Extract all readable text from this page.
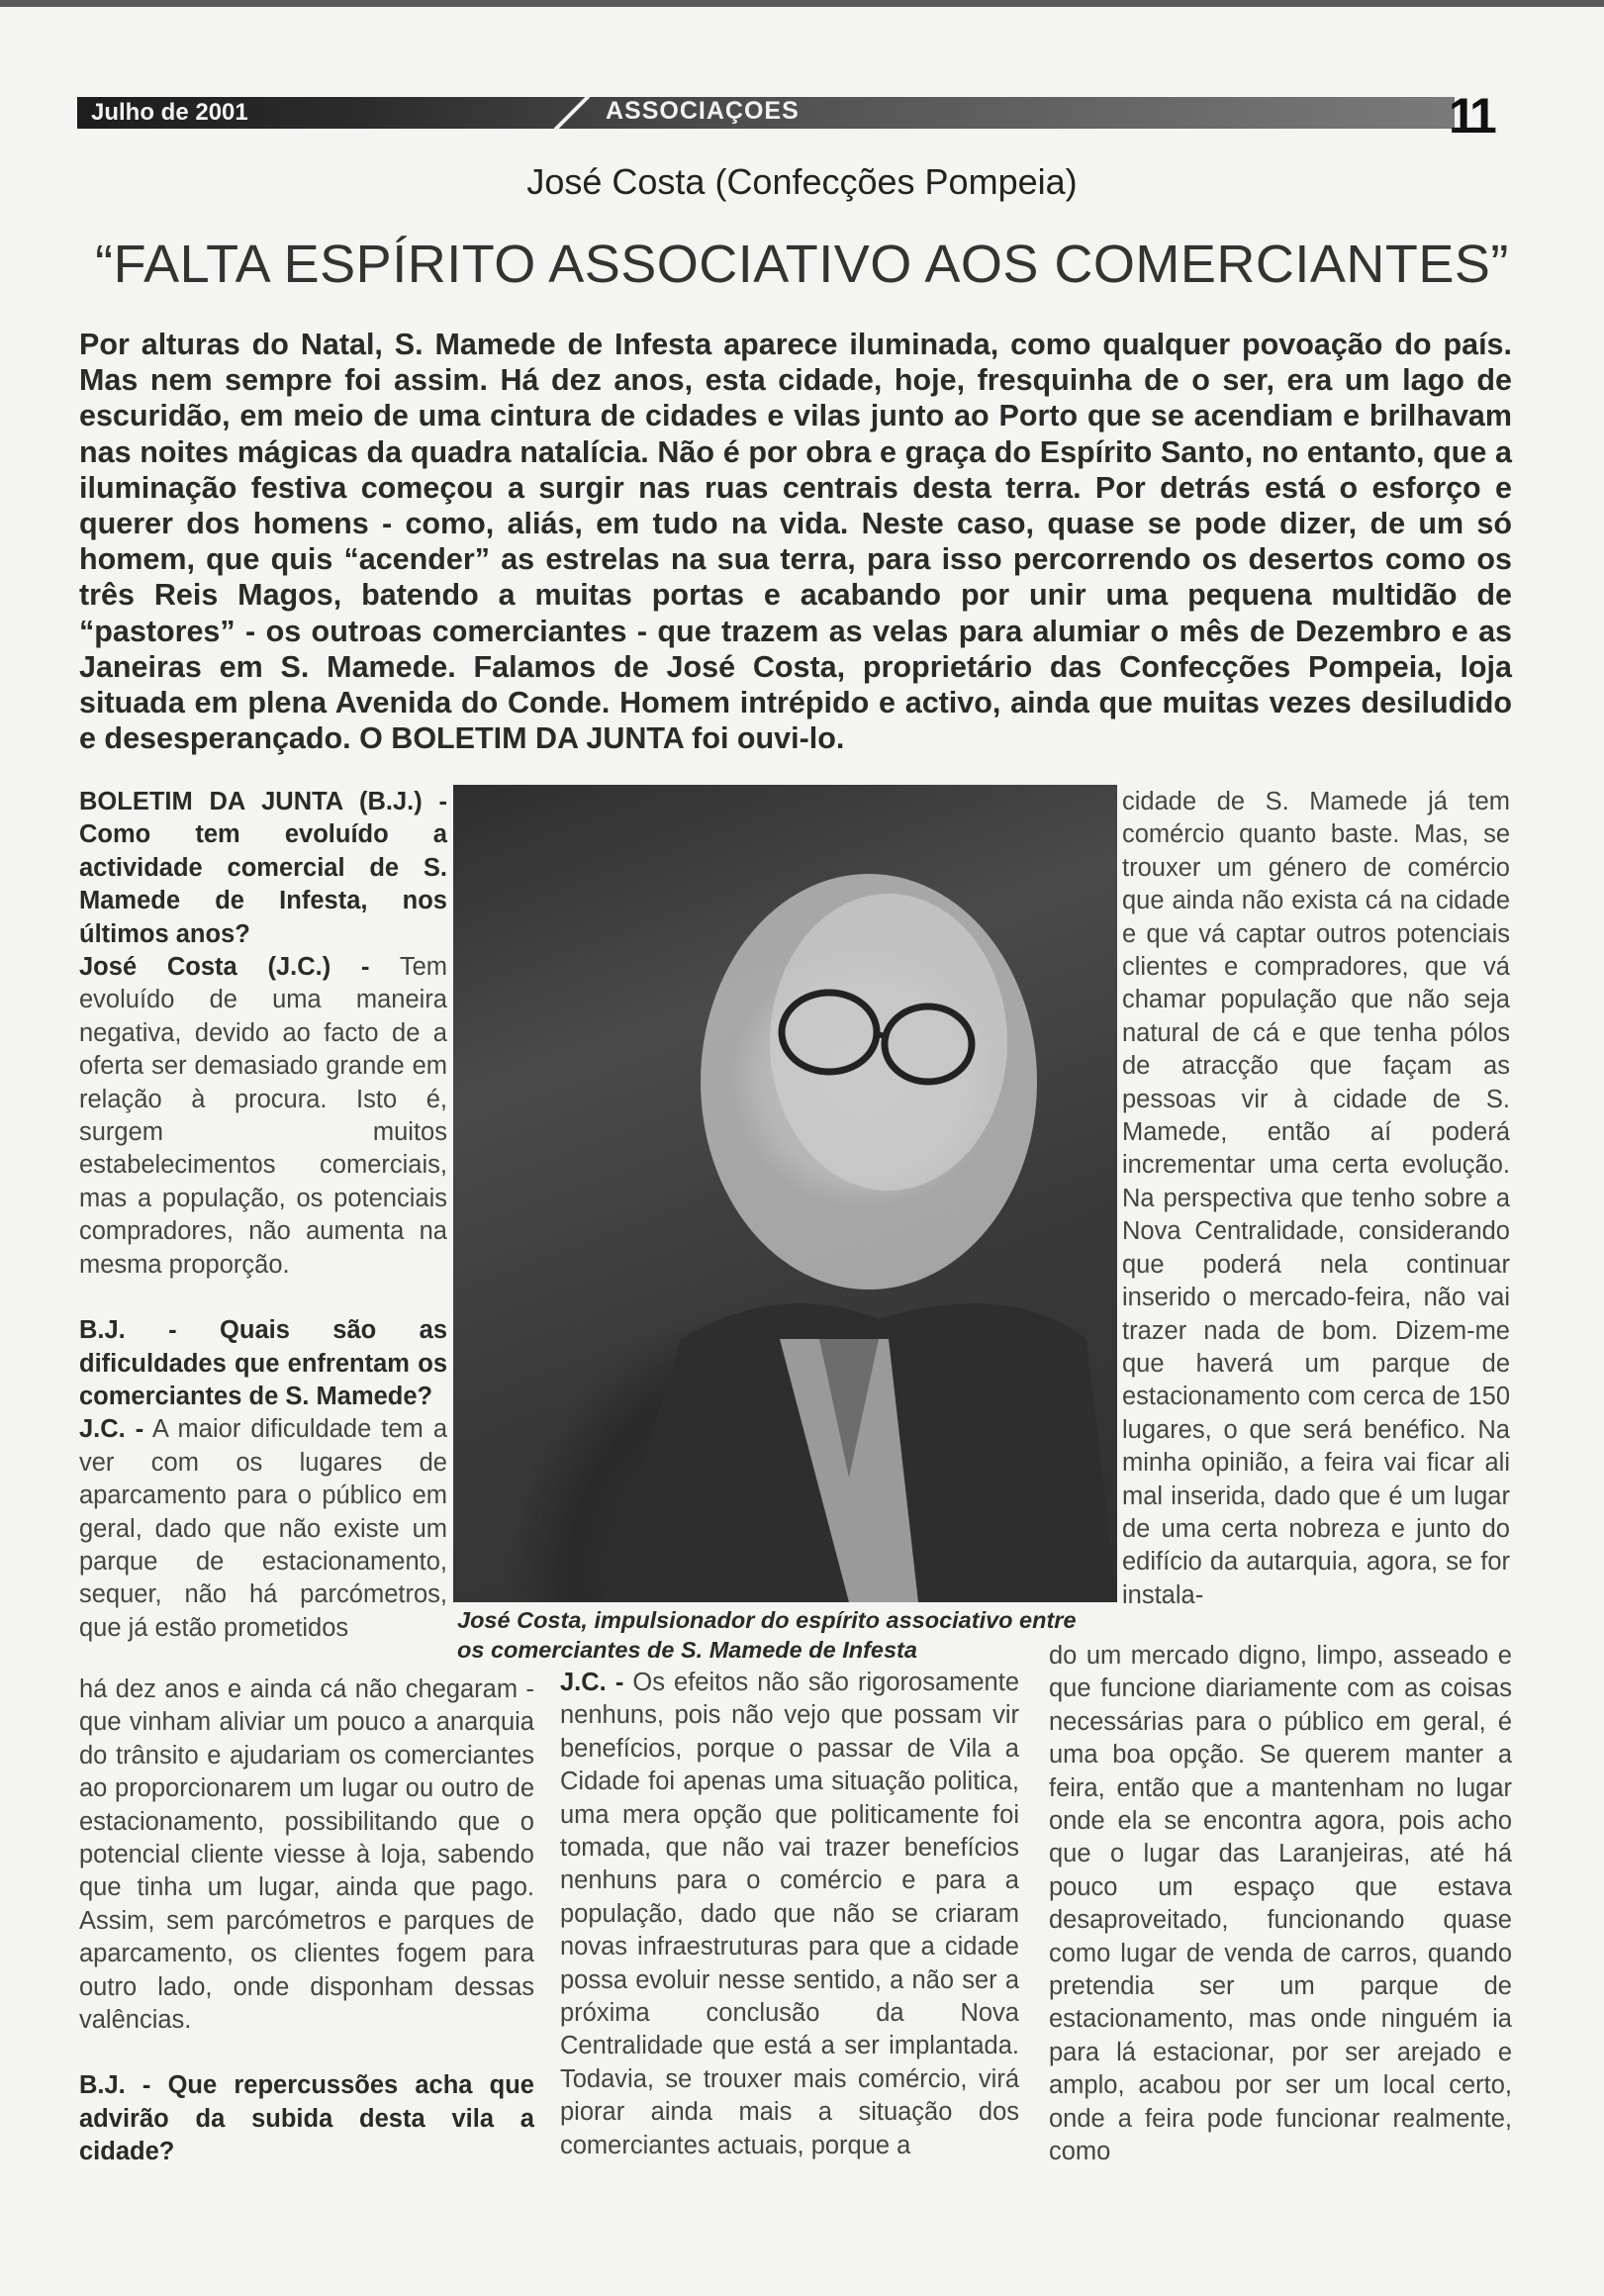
Julho de 2001	ASSOCIAÇOES	11
José Costa (Confecções Pompeia)
“FALTA ESPÍRITO ASSOCIATIVO AOS COMERCIANTES”
Por alturas do Natal, S. Mamede de Infesta aparece iluminada, como qualquer povoação do país. Mas nem sempre foi assim. Há dez anos, esta cidade, hoje, fresquinha de o ser, era um lago de escuridão, em meio de uma cintura de cidades e vilas junto ao Porto que se acendiam e brilhavam nas noites mágicas da quadra natalícia. Não é por obra e graça do Espírito Santo, no entanto, que a iluminação festiva começou a surgir nas ruas centrais desta terra. Por detrás está o esforço e querer dos homens - como, aliás, em tudo na vida. Neste caso, quase se pode dizer, de um só homem, que quis “acender” as estrelas na sua terra, para isso percorrendo os desertos como os três Reis Magos, batendo a muitas portas e acabando por unir uma pequena multidão de “pastores” - os outroas comerciantes - que trazem as velas para alumiar o mês de Dezembro e as Janeiras em S. Mamede. Falamos de José Costa, proprietário das Confecções Pompeia, loja situada em plena Avenida do Conde. Homem intrépido e activo, ainda que muitas vezes desiludido e desesperançado. O BOLETIM DA JUNTA foi ouvi-lo.

BOLETIM DA JUNTA (B.J.) - Como tem evoluído a actividade comercial de S. Mamede de Infesta, nos últimos anos?

José Costa (J.C.) - Tem evoluído de uma maneira negativa, devido ao facto de a oferta ser demasiado grande em relação à procura. Isto é, surgem muitos estabelecimentos comerciais, mas a população, os potenciais compradores, não aumenta na mesma proporção.

B.J. - Quais são as dificuldades que enfrentam os comerciantes de S. Mamede?

J.C. - A maior dificuldade tem a ver com os lugares de aparcamento para o público em geral, dado que não existe um parque de estacionamento, sequer, não há parcómetros, que já estão prometidos

há dez anos e ainda cá não chegaram - que vinham aliviar um pouco a anarquia do trânsito e ajudariam os comerciantes ao proporcionarem um lugar ou outro de estacionamento, possibilitando que o potencial cliente viesse à loja, sabendo que tinha um lugar, ainda que pago. Assim, sem parcómetros e parques de aparcamento, os clientes fogem para outro lado, onde disponham dessas valências.

B.J. - Que repercussões acha que advirão da subida desta vila a cidade?

José Costa, impulsionador do espírito associativo entre os comerciantes de S. Mamede de Infesta

J.C. - Os efeitos não são rigorosamente nenhuns, pois não vejo que possam vir benefícios, porque o passar de Vila a Cidade foi apenas uma situação politica, uma mera opção que politicamente foi tomada, que não vai trazer benefícios nenhuns para o comércio e para a população, dado que não se criaram novas infraestruturas para que a cidade possa evoluir nesse sentido, a não ser a próxima conclusão da Nova Centralidade que está a ser implantada. Todavia, se trouxer mais comércio, virá piorar ainda mais a situação dos comerciantes actuais, porque a

cidade de S. Mamede já tem comércio quanto baste. Mas, se trouxer um género de comércio que ainda não exista cá na cidade e que vá captar outros potenciais clientes e compradores, que vá chamar população que não seja natural de cá e que tenha pólos de atracção que façam as pessoas vir à cidade de S. Mamede, então aí poderá incrementar uma certa evolução. Na perspectiva que tenho sobre a Nova Centralidade, considerando que poderá nela continuar inserido o mercado-feira, não vai trazer nada de bom. Dizem-me que haverá um parque de estacionamento com cerca de 150 lugares, o que será benéfico. Na minha opinião, a feira vai ficar ali mal inserida, dado que é um lugar de uma certa nobreza e junto do edifício da autarquia, agora, se for instala-

do um mercado digno, limpo, asseado e que funcione diariamente com as coisas necessárias para o público em geral, é uma boa opção. Se querem manter a feira, então que a mantenham no lugar onde ela se encontra agora, pois acho que o lugar das Laranjeiras, até há pouco um espaço que estava desaproveitado, funcionando quase como lugar de venda de carros, quando pretendia ser um parque de estacionamento, mas onde ninguém ia para lá estacionar, por ser arejado e amplo, acabou por ser um local certo, onde a feira pode funcionar realmente, como
